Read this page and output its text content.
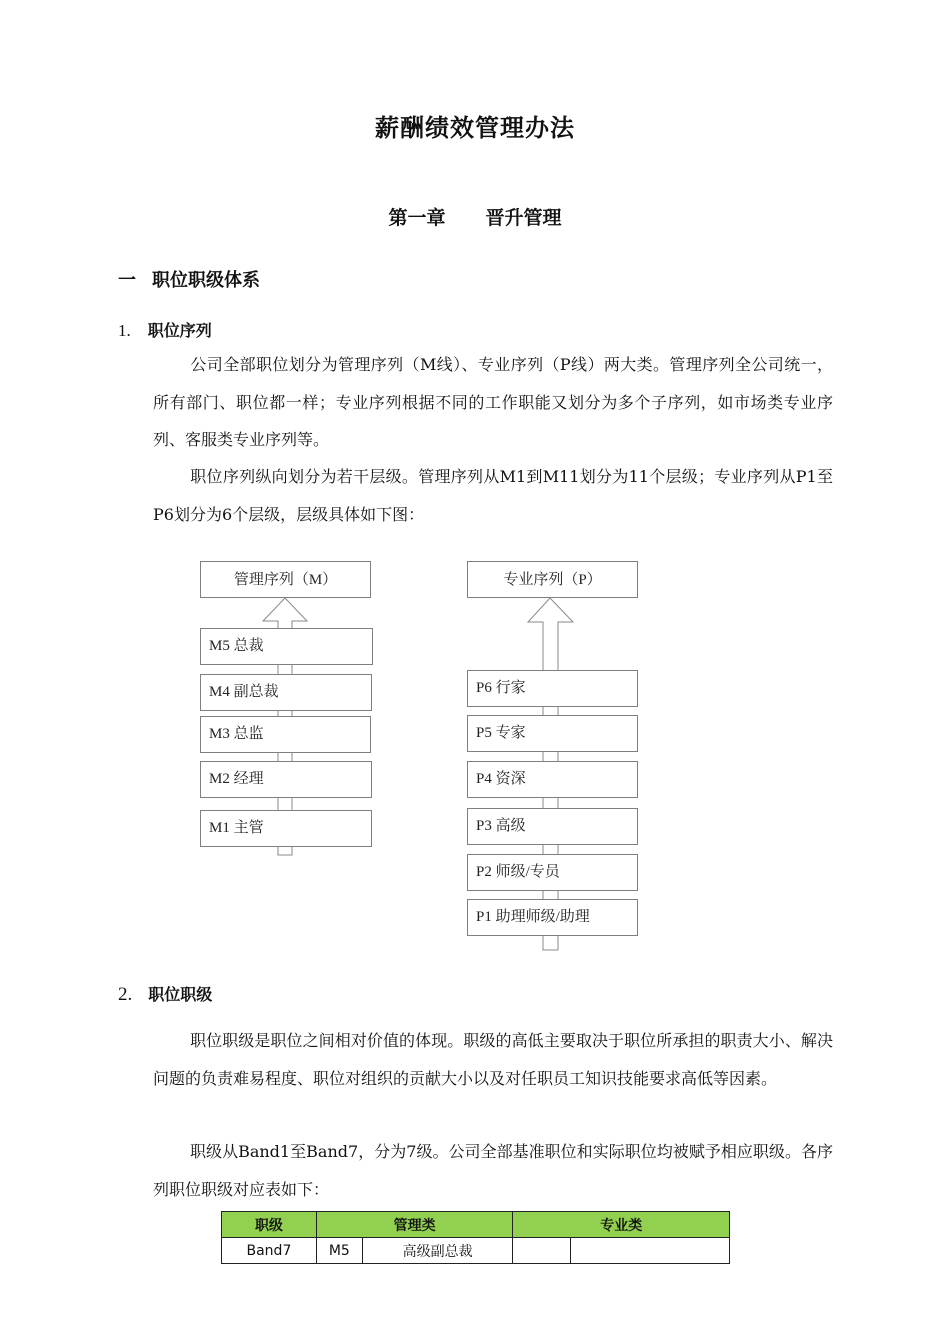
薪酬绩效管理办法
第一章 晋升管理
一 职位职级体系
1. 职位序列
公司全部职位划分为管理序列（M线）、专业序列（P线）两大类。管理序列全公司统一，所有部门、职位都一样；专业序列根据不同的工作职能又划分为多个子序列，如市场类专业序列、客服类专业序列等。
职位序列纵向划分为若干层级。管理序列从M1到M11划分为11个层级；专业序列从P1至P6划分为6个层级，层级具体如下图：
管理序列（M）	专业序列（P）
M5 总裁
M4 副总裁
M3 总监
M2 经理
M1 主管
P6 行家
P5 专家
P4 资深
P3 高级
P2 师级/专员
P1 助理师级/助理
2. 职位职级
职位职级是职位之间相对价值的体现。职级的高低主要取决于职位所承担的职责大小、解决问题的负责难易程度、职位对组织的贡献大小以及对任职员工知识技能要求高低等因素。
职级从Band1至Band7，分为7级。公司全部基准职位和实际职位均被赋予相应职级。各序列职位职级对应表如下：
职级	管理类		专业类	
Band7	M5	高级副总裁		
